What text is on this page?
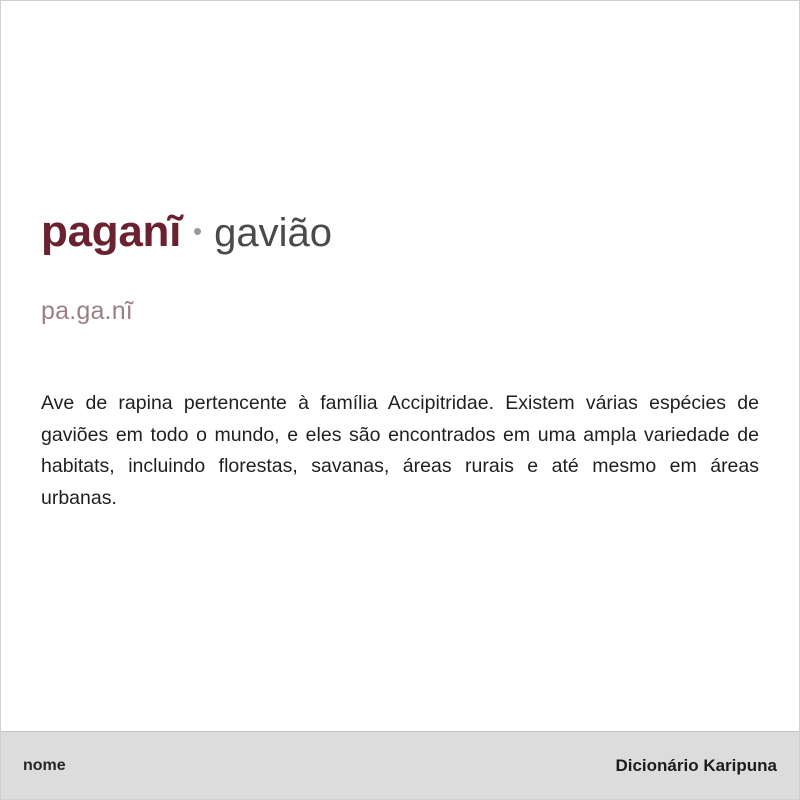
paganĩ • gavião
pa.ga.nĩ
Ave de rapina pertencente à família Accipitridae. Existem várias espécies de gaviões em todo o mundo, e eles são encontrados em uma ampla variedade de habitats, incluindo florestas, savanas, áreas rurais e até mesmo em áreas urbanas.
nome	Dicionário Karipuna
